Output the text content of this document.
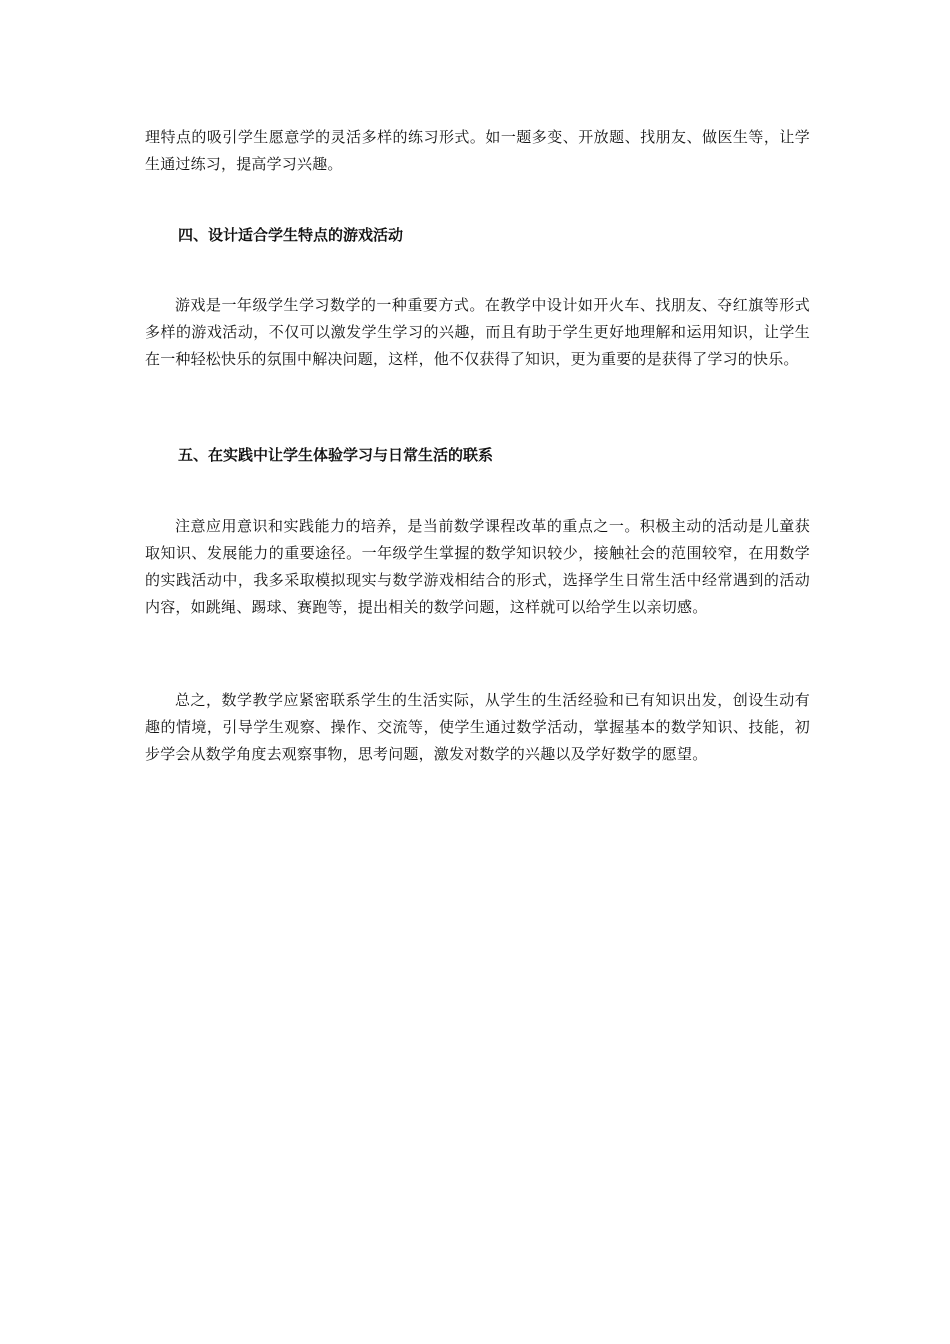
理特点的吸引学生愿意学的灵活多样的练习形式。如一题多变、开放题、找朋友、做医生等，让学生通过练习，提高学习兴趣。

四、设计适合学生特点的游戏活动

游戏是一年级学生学习数学的一种重要方式。在教学中设计如开火车、找朋友、夺红旗等形式多样的游戏活动，不仅可以激发学生学习的兴趣，而且有助于学生更好地理解和运用知识，让学生在一种轻松快乐的氛围中解决问题，这样，他不仅获得了知识，更为重要的是获得了学习的快乐。

五、在实践中让学生体验学习与日常生活的联系

注意应用意识和实践能力的培养，是当前数学课程改革的重点之一。积极主动的活动是儿童获取知识、发展能力的重要途径。一年级学生掌握的数学知识较少，接触社会的范围较窄，在用数学的实践活动中，我多采取模拟现实与数学游戏相结合的形式，选择学生日常生活中经常遇到的活动内容，如跳绳、踢球、赛跑等，提出相关的数学问题，这样就可以给学生以亲切感。

总之，数学教学应紧密联系学生的生活实际，从学生的生活经验和已有知识出发，创设生动有趣的情境，引导学生观察、操作、交流等，使学生通过数学活动，掌握基本的数学知识、技能，初步学会从数学角度去观察事物，思考问题，激发对数学的兴趣以及学好数学的愿望。
